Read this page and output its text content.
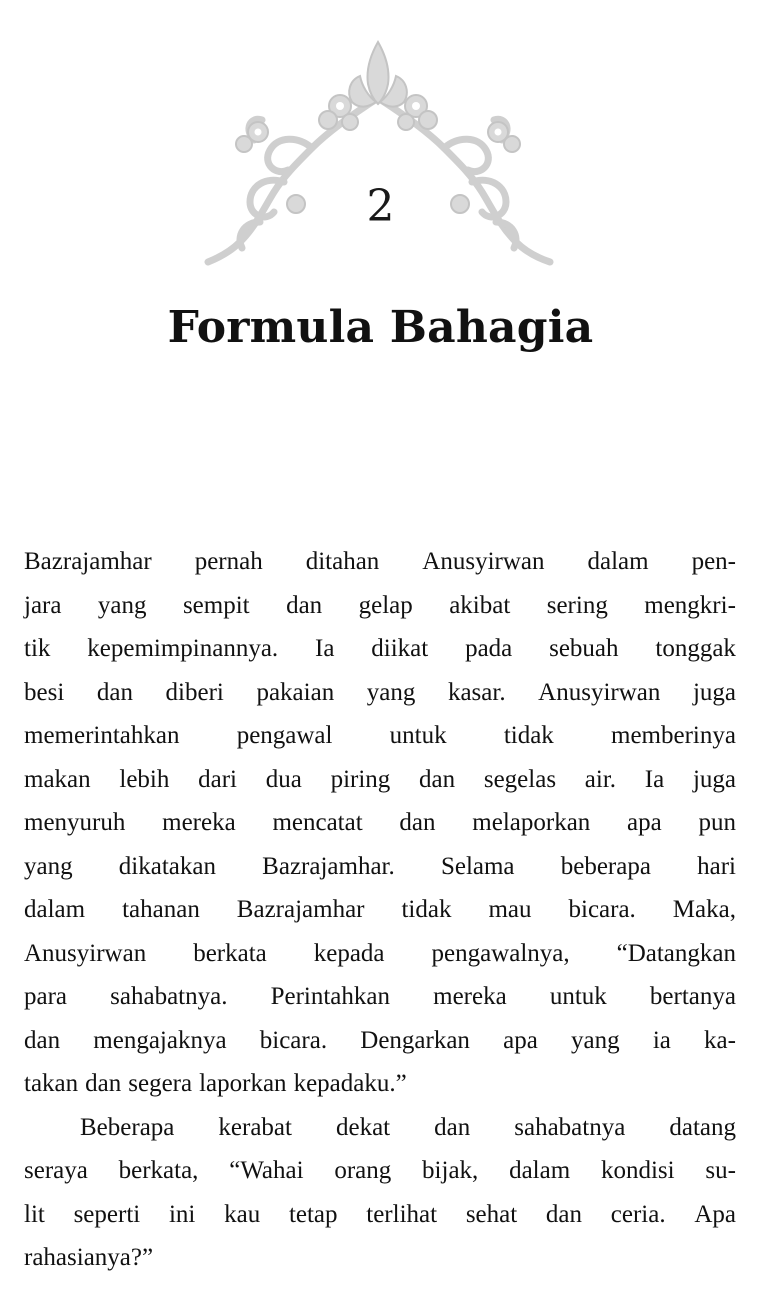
2
Formula Bahagia
Bazrajamhar pernah ditahan Anusyirwan dalam pen-
jara yang sempit dan gelap akibat sering mengkri-
tik kepemimpinannya. Ia diikat pada sebuah tonggak
besi dan diberi pakaian yang kasar. Anusyirwan juga
memerintahkan pengawal untuk tidak memberinya
makan lebih dari dua piring dan segelas air. Ia juga
menyuruh mereka mencatat dan melaporkan apa pun
yang dikatakan Bazrajamhar. Selama beberapa hari
dalam tahanan Bazrajamhar tidak mau bicara. Maka,
Anusyirwan berkata kepada pengawalnya, “Datangkan
para sahabatnya. Perintahkan mereka untuk bertanya
dan mengajaknya bicara. Dengarkan apa yang ia ka-
takan dan segera laporkan kepadaku.”
Beberapa kerabat dekat dan sahabatnya datang
seraya berkata, “Wahai orang bijak, dalam kondisi su-
lit seperti ini kau tetap terlihat sehat dan ceria. Apa
rahasianya?”
